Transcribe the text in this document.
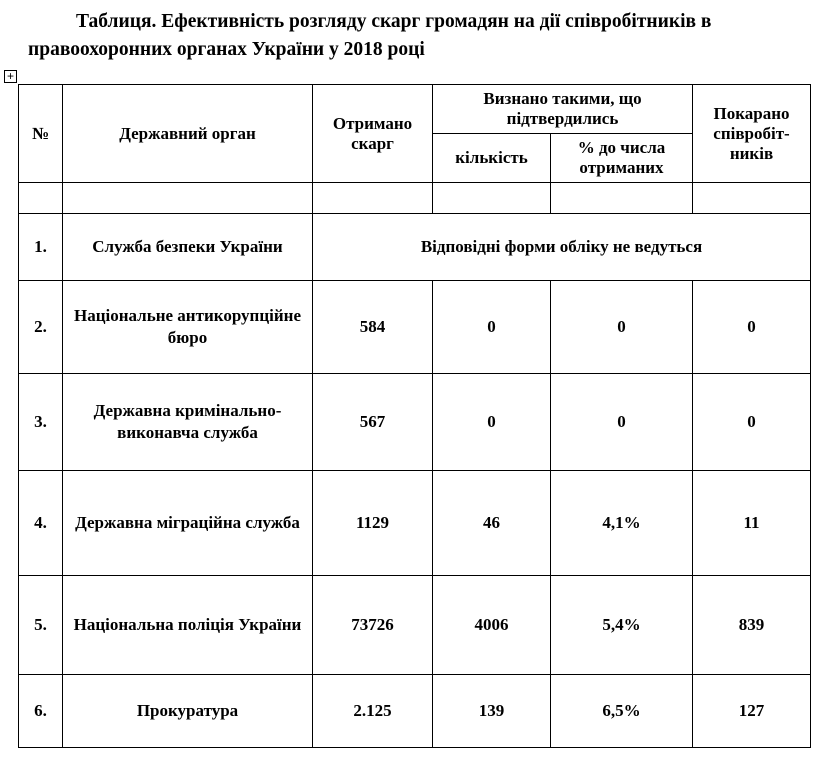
Таблиця. Ефективність розгляду скарг громадян на дії співробітників в правоохоронних органах України у 2018 році
+
№	Державний орган	Отримано скарг	Визнано такими, що підтвердились		Покарано співробіт-ників
			кількість	% до числа отриманих	

1.	Служба безпеки України	Відповідні форми обліку не ведуться			
2.	Національне антикорупційне бюро	584	0	0	0
3.	Державна кримінально-виконавча служба	567	0	0	0
4.	Державна міграційна служба	1129	46	4,1%	11
5.	Національна поліція України	73726	4006	5,4%	839
6.	Прокуратура	2.125	139	6,5%	127
